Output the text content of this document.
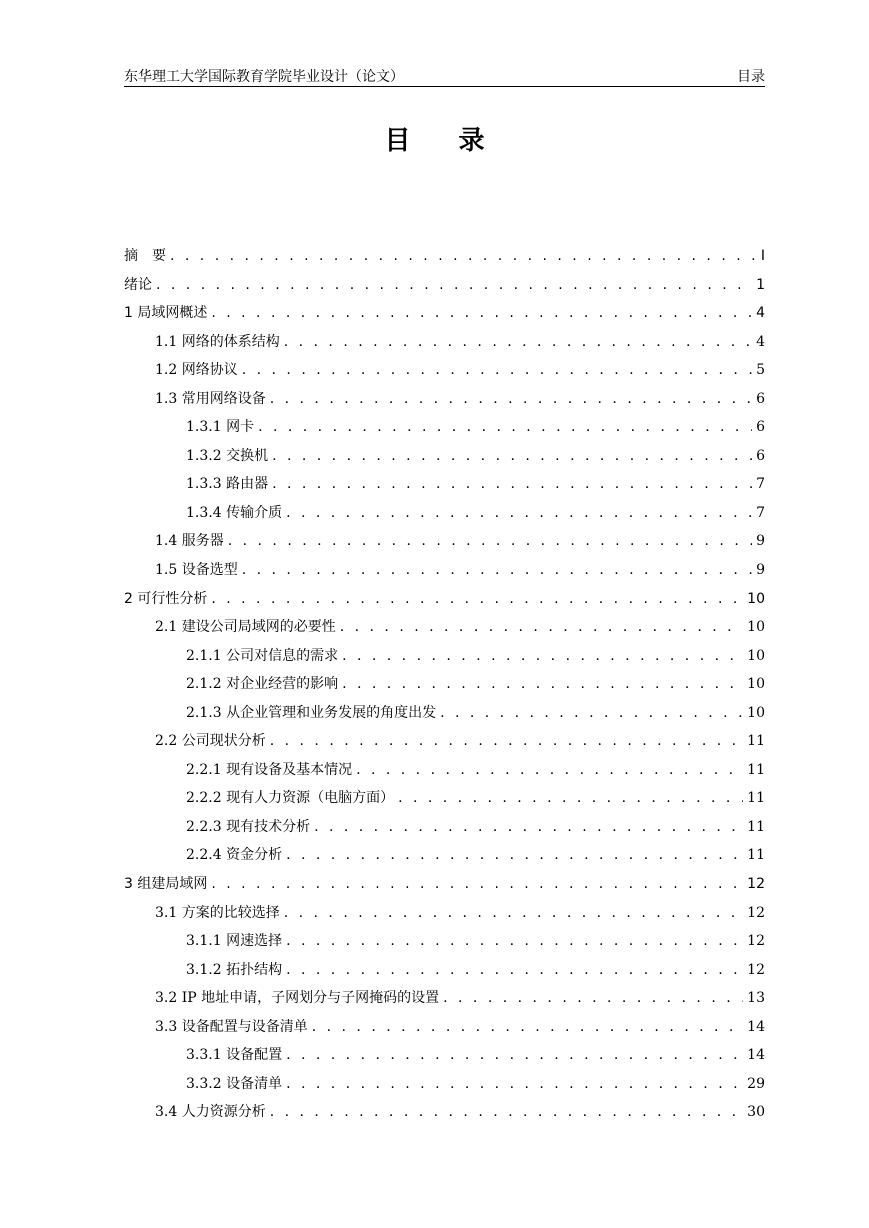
东华理工大学国际教育学院毕业设计（论文）	目录
目录
摘　要 . . .	I
绪论 . . .	1
1 局域网概述 . . .	4
1.1 网络的体系结构 . . .	4
1.2 网络协议 . . .	5
1.3 常用网络设备 . . .	6
1.3.1 网卡 . . .	6
1.3.2 交换机 . . .	6
1.3.3 路由器 . . .	7
1.3.4 传输介质 . . .	7
1.4 服务器 . . .	9
1.5 设备选型 . . .	9
2 可行性分析 . . .	10
2.1 建设公司局域网的必要性 . . .	10
2.1.1 公司对信息的需求 . . .	10
2.1.2 对企业经营的影响 . . .	10
2.1.3 从企业管理和业务发展的角度出发 . . .	10
2.2 公司现状分析 . . .	11
2.2.1 现有设备及基本情况 . . .	11
2.2.2 现有人力资源（电脑方面） . . .	11
2.2.3 现有技术分析 . . .	11
2.2.4 资金分析 . . .	11
3 组建局域网 . . .	12
3.1 方案的比较选择 . . .	12
3.1.1 网速选择 . . .	12
3.1.2 拓扑结构 . . .	12
3.2 IP 地址申请，子网划分与子网掩码的设置 . . .	13
3.3 设备配置与设备清单 . . .	14
3.3.1 设备配置 . . .	14
3.3.2 设备清单 . . .	29
3.4 人力资源分析 . . .	30
